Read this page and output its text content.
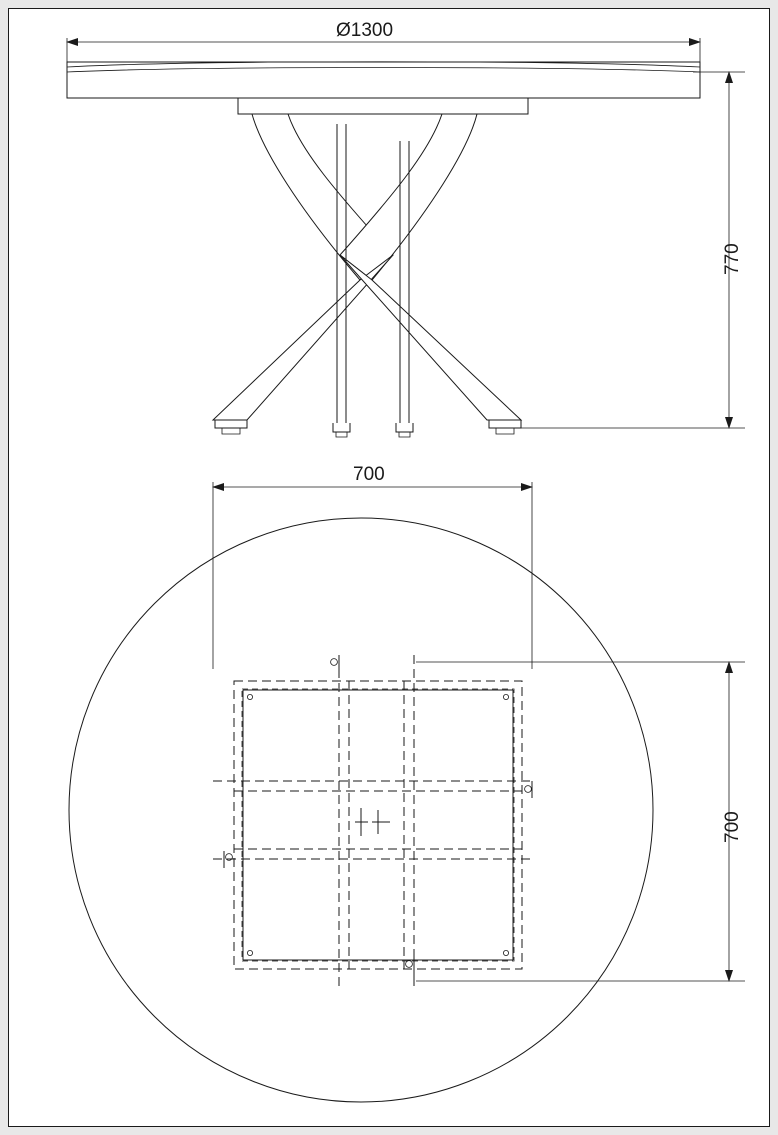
Ø1300
770
700
700
